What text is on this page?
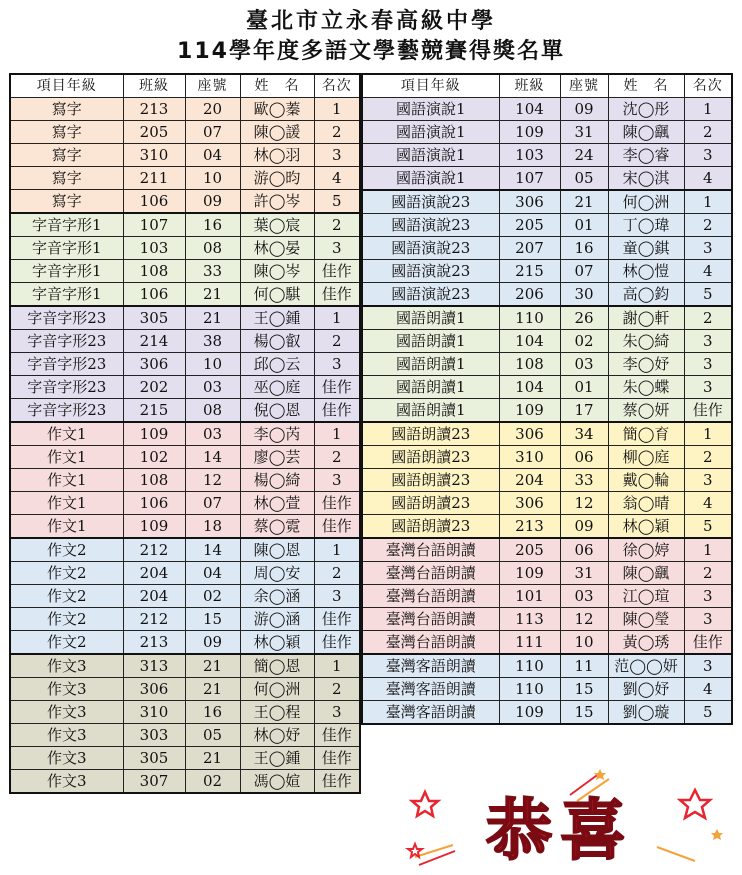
臺北市立永春高級中學
114學年度多語文學藝競賽得獎名單
項目年級	班級	座號	姓　名	名次
寫字	213	20	歐◯蓁	1
寫字	205	07	陳◯諼	2
寫字	310	04	林◯羽	3
寫字	211	10	游◯昀	4
寫字	106	09	許◯岑	5
字音字形1	107	16	葉◯宸	2
字音字形1	103	08	林◯晏	3
字音字形1	108	33	陳◯岑	佳作
字音字形1	106	21	何◯騏	佳作
字音字形23	305	21	王◯鍾	1
字音字形23	214	38	楊◯叡	2
字音字形23	306	10	邱◯云	3
字音字形23	202	03	巫◯庭	佳作
字音字形23	215	08	倪◯恩	佳作
作文1	109	03	李◯芮	1
作文1	102	14	廖◯芸	2
作文1	108	12	楊◯綺	3
作文1	106	07	林◯萱	佳作
作文1	109	18	蔡◯霓	佳作
作文2	212	14	陳◯恩	1
作文2	204	04	周◯安	2
作文2	204	02	余◯涵	3
作文2	212	15	游◯涵	佳作
作文2	213	09	林◯穎	佳作
作文3	313	21	簡◯恩	1
作文3	306	21	何◯洲	2
作文3	310	16	王◯程	3
作文3	303	05	林◯妤	佳作
作文3	305	21	王◯鍾	佳作
作文3	307	02	馮◯媗	佳作
項目年級	班級	座號	姓　名	名次
國語演說1	104	09	沈◯彤	1
國語演說1	109	31	陳◯颻	2
國語演說1	103	24	李◯睿	3
國語演說1	107	05	宋◯淇	4
國語演說23	306	21	何◯洲	1
國語演說23	205	01	丁◯瑋	2
國語演說23	207	16	童◯錤	3
國語演說23	215	07	林◯愷	4
國語演說23	206	30	高◯鈞	5
國語朗讀1	110	26	謝◯軒	2
國語朗讀1	104	02	朱◯綺	3
國語朗讀1	108	03	李◯妤	3
國語朗讀1	104	01	朱◯蝶	3
國語朗讀1	109	17	蔡◯妍	佳作
國語朗讀23	306	34	簡◯育	1
國語朗讀23	310	06	柳◯庭	2
國語朗讀23	204	33	戴◯輪	3
國語朗讀23	306	12	翁◯晴	4
國語朗讀23	213	09	林◯穎	5
臺灣台語朗讀	205	06	徐◯婷	1
臺灣台語朗讀	109	31	陳◯颻	2
臺灣台語朗讀	101	03	江◯瑄	3
臺灣台語朗讀	113	12	陳◯瑩	3
臺灣台語朗讀	111	10	黃◯琇	佳作
臺灣客語朗讀	110	11	范◯◯妍	3
臺灣客語朗讀	110	15	劉◯妤	4
臺灣客語朗讀	109	15	劉◯璇	5
恭喜
